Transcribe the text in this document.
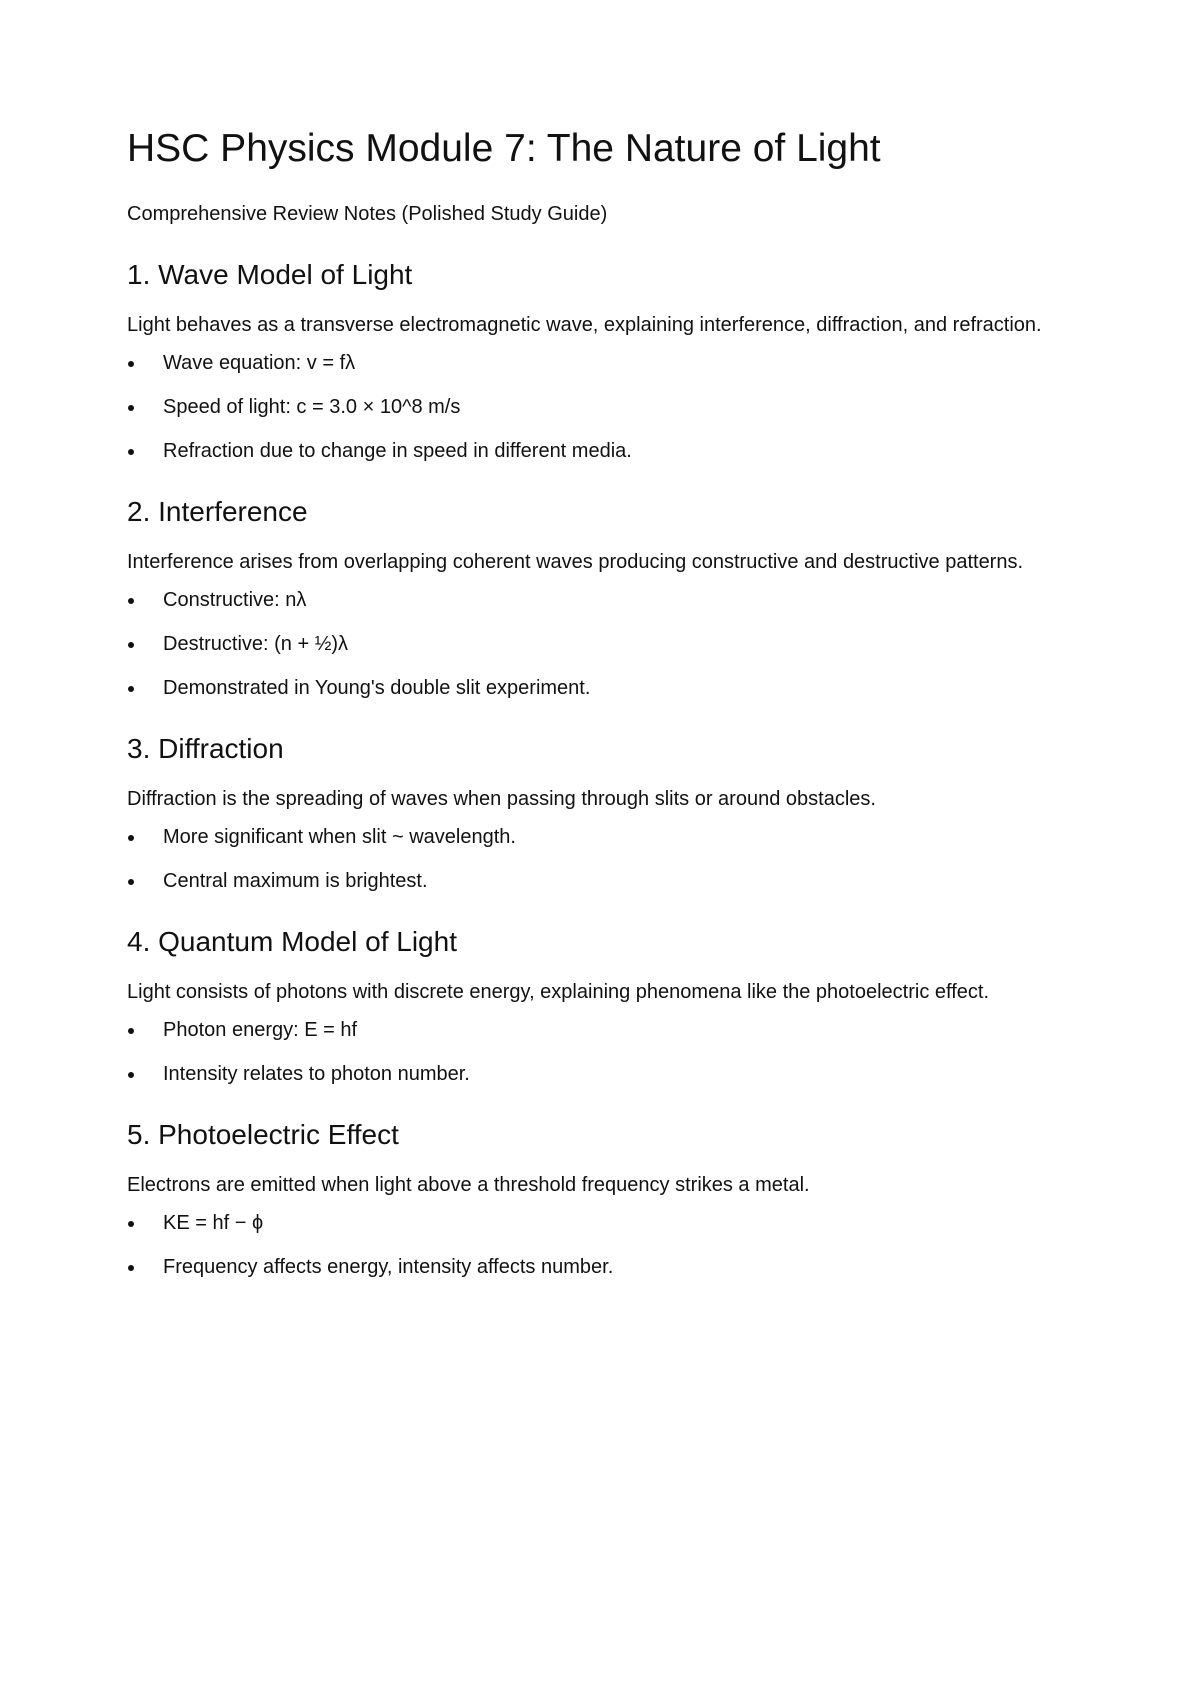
HSC Physics Module 7: The Nature of Light

Comprehensive Review Notes (Polished Study Guide)

1. Wave Model of Light

Light behaves as a transverse electromagnetic wave, explaining interference, diffraction, and refraction.

Wave equation: v = fλ
Speed of light: c = 3.0 × 10^8 m/s
Refraction due to change in speed in different media.
2. Interference

Interference arises from overlapping coherent waves producing constructive and destructive patterns.

Constructive: nλ
Destructive: (n + ½)λ
Demonstrated in Young's double slit experiment.
3. Diffraction

Diffraction is the spreading of waves when passing through slits or around obstacles.

More significant when slit ~ wavelength.
Central maximum is brightest.
4. Quantum Model of Light

Light consists of photons with discrete energy, explaining phenomena like the photoelectric effect.

Photon energy: E = hf
Intensity relates to photon number.
5. Photoelectric Effect

Electrons are emitted when light above a threshold frequency strikes a metal.

KE = hf − ϕ
Frequency affects energy, intensity affects number.
